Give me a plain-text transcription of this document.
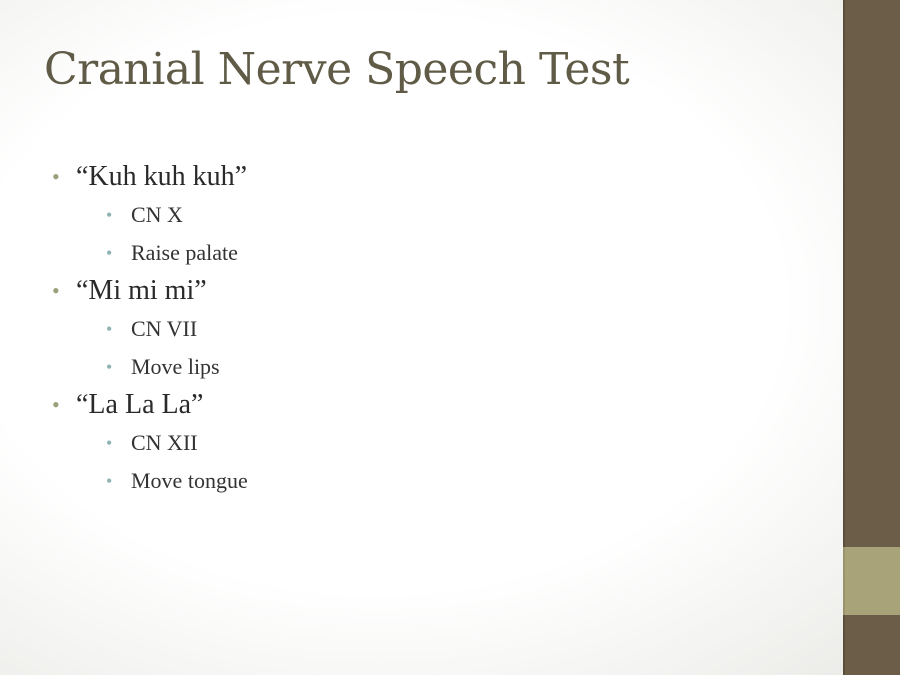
Cranial Nerve Speech Test
• “Kuh kuh kuh”
• CN X
• Raise palate
• “Mi mi mi”
• CN VII
• Move lips
• “La La La”
• CN XII
• Move tongue
